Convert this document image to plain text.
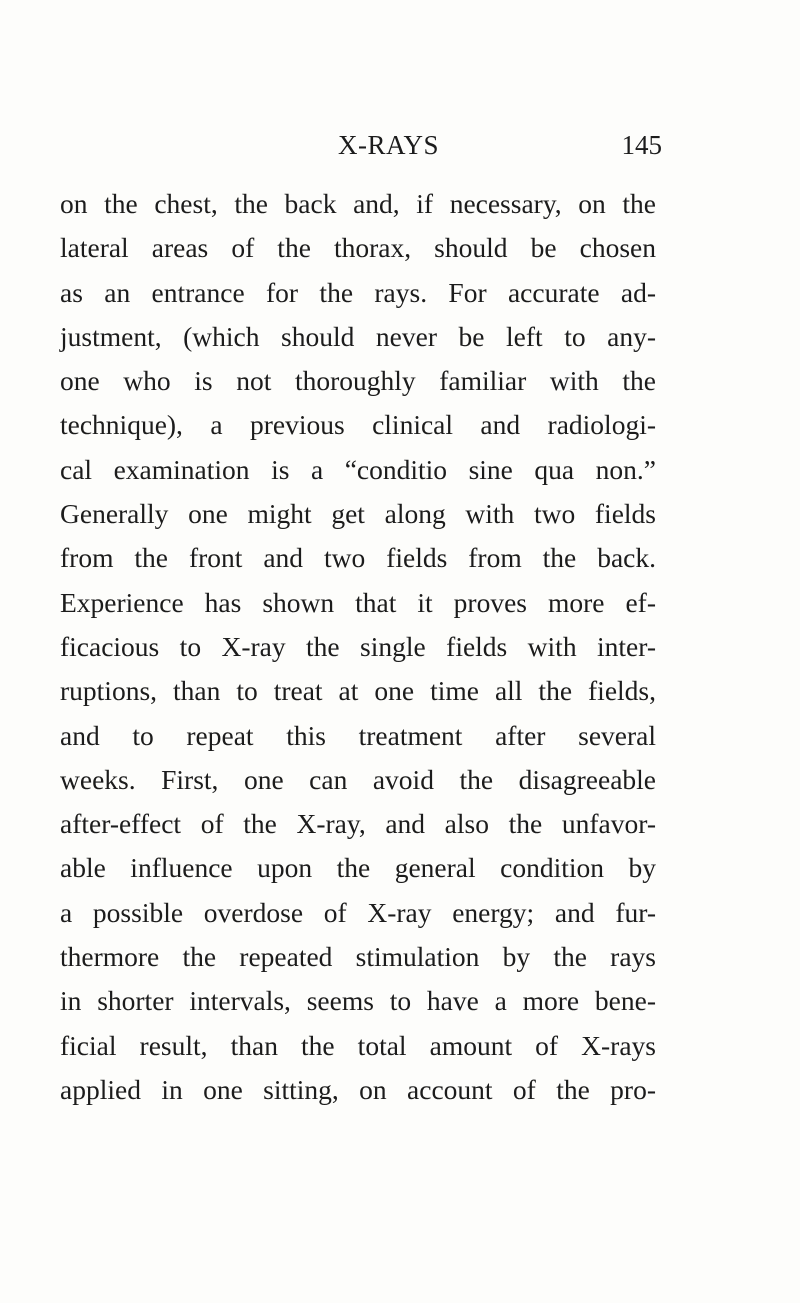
X-RAYS	145
on the chest, the back and, if necessary, on the
lateral areas of the thorax, should be chosen
as an entrance for the rays. For accurate ad-
justment, (which should never be left to any-
one who is not thoroughly familiar with the
technique), a previous clinical and radiologi-
cal examination is a “conditio sine qua non.”
Generally one might get along with two fields
from the front and two fields from the back.
Experience has shown that it proves more ef-
ficacious to X-ray the single fields with inter-
ruptions, than to treat at one time all the fields,
and to repeat this treatment after several
weeks. First, one can avoid the disagreeable
after-effect of the X-ray, and also the unfavor-
able influence upon the general condition by
a possible overdose of X-ray energy; and fur-
thermore the repeated stimulation by the rays
in shorter intervals, seems to have a more bene-
ficial result, than the total amount of X-rays
applied in one sitting, on account of the pro-
